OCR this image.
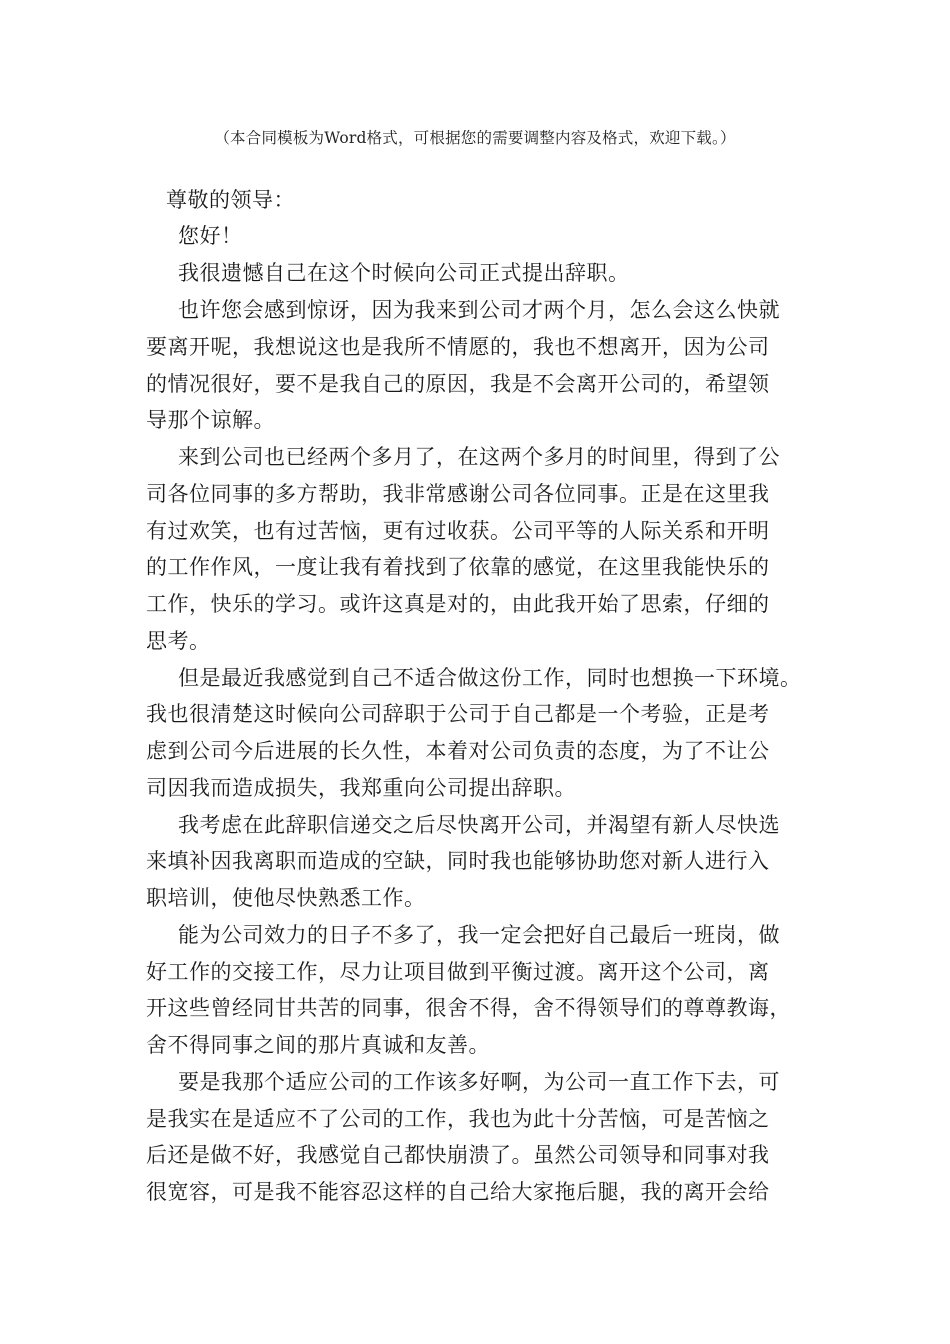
（本合同模板为Word格式，可根据您的需要调整内容及格式，欢迎下载。）
尊敬的领导：
您好！
我很遗憾自己在这个时候向公司正式提出辞职。
也许您会感到惊讶，因为我来到公司才两个月，怎么会这么快就
要离开呢，我想说这也是我所不情愿的，我也不想离开，因为公司
的情况很好，要不是我自己的原因，我是不会离开公司的，希望领
导那个谅解。
来到公司也已经两个多月了，在这两个多月的时间里，得到了公
司各位同事的多方帮助，我非常感谢公司各位同事。正是在这里我
有过欢笑，也有过苦恼，更有过收获。公司平等的人际关系和开明
的工作作风，一度让我有着找到了依靠的感觉，在这里我能快乐的
工作，快乐的学习。或许这真是对的，由此我开始了思索，仔细的
思考。
但是最近我感觉到自己不适合做这份工作，同时也想换一下环境。
我也很清楚这时候向公司辞职于公司于自己都是一个考验，正是考
虑到公司今后进展的长久性，本着对公司负责的态度，为了不让公
司因我而造成损失，我郑重向公司提出辞职。
我考虑在此辞职信递交之后尽快离开公司，并渴望有新人尽快选
来填补因我离职而造成的空缺，同时我也能够协助您对新人进行入
职培训，使他尽快熟悉工作。
能为公司效力的日子不多了，我一定会把好自己最后一班岗，做
好工作的交接工作，尽力让项目做到平衡过渡。离开这个公司，离
开这些曾经同甘共苦的同事，很舍不得，舍不得领导们的尊尊教诲，
舍不得同事之间的那片真诚和友善。
要是我那个适应公司的工作该多好啊，为公司一直工作下去，可
是我实在是适应不了公司的工作，我也为此十分苦恼，可是苦恼之
后还是做不好，我感觉自己都快崩溃了。虽然公司领导和同事对我
很宽容，可是我不能容忍这样的自己给大家拖后腿，我的离开会给
